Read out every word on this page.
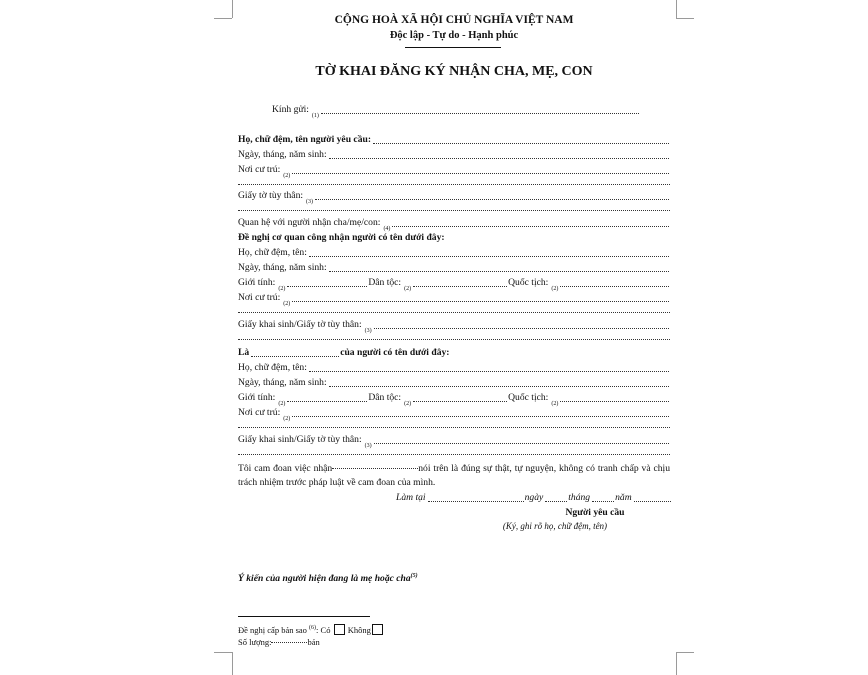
CỘNG HOÀ XÃ HỘI CHỦ NGHĨA VIỆT NAM
Độc lập - Tự do - Hạnh phúc
TỜ KHAI ĐĂNG KÝ NHẬN CHA, MẸ, CON
Kính gửi:
(1)
Họ, chữ đệm, tên người yêu cầu:
Ngày, tháng, năm sinh:
Nơi cư trú:
(2)
Giấy tờ tùy thân:
(3)
Quan hệ với người nhận cha/mẹ/con:
(4)
Đề nghị cơ quan công nhận người có tên dưới đây:
Họ, chữ đệm, tên:
Ngày, tháng, năm sinh:
Giới tính:
(2)
Dân tộc:
(2)
Quốc tịch:
(2)
Nơi cư trú:
(2)
Giấy khai sinh/Giấy tờ tùy thân:
(3)
Là	của người có tên dưới đây:
Họ, chữ đệm, tên:
Ngày, tháng, năm sinh:
Giới tính:
(2)
Dân tộc:
(2)
Quốc tịch:
(2)
Nơi cư trú:
(2)
Giấy khai sinh/Giấy tờ tùy thân:
(3)
Tôi cam đoan việc nhận	nói trên là đúng sự thật, tự nguyện, không có tranh chấp và chịu trách nhiệm trước pháp luật về cam đoan của mình.
Làm tại	ngày	tháng	năm
Người yêu cầu
(Ký, ghi rõ họ, chữ đệm, tên)
Ý kiến của người hiện đang là mẹ hoặc cha$^{(5)}$
Đề nghị cấp bản sao $^{(6)}$: Có Không
Số lượng:	bản
